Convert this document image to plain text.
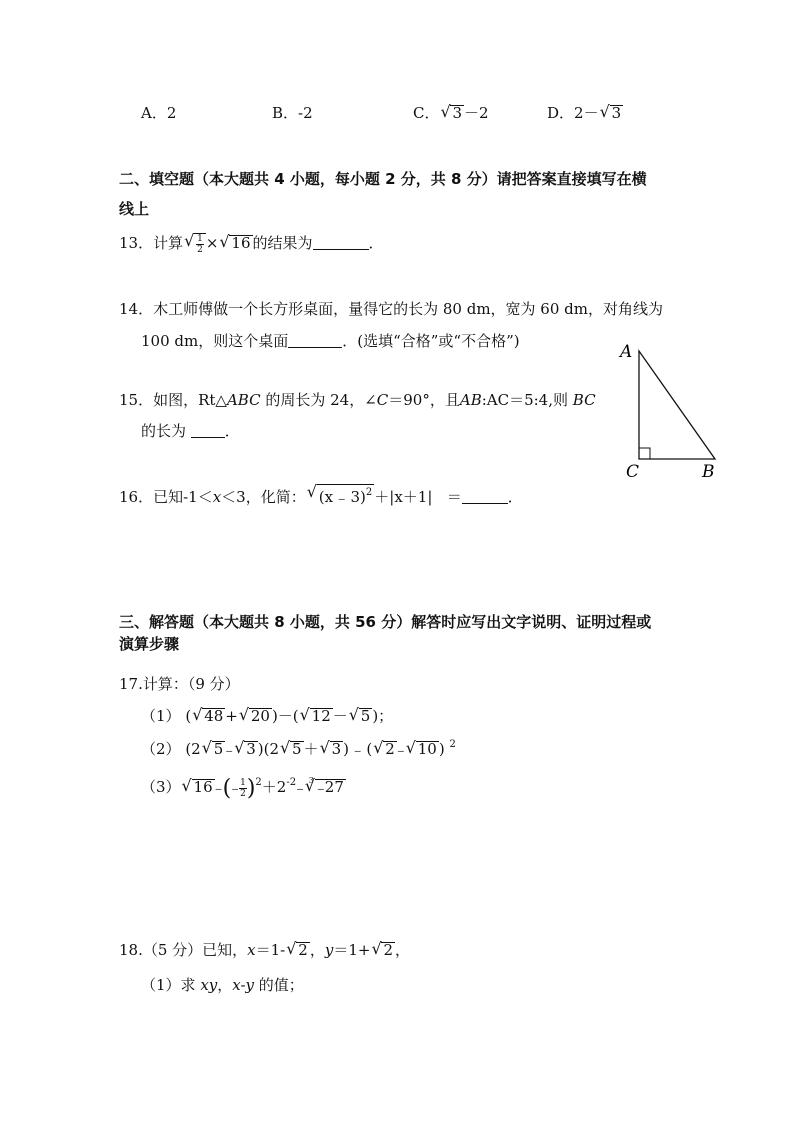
A．2	B．-2	C． √ 3 －2	D．2－ √ 3
二、填空题（本大题共 4 小题，每小题 2 分，共 8 分）请把答案直接填写在横
线上
13．计算 √ $\frac{1}{2}$ × √ 16 的结果为	．
14．木工师傅做一个长方形桌面，量得它的长为 80 dm，宽为 60 dm，对角线为
100 dm，则这个桌面	．(选填“合格”或“不合格”)
15．如图，Rt△ABC 的周长为 24，∠C＝90°，且AB:AC＝5:4,则 BC
的长为	．
A
C	B
16．已知-1＜x＜3，化简： √ (x ₋ 3)$^2$ ＋|x＋1| ＝	．
三、解答题（本大题共 8 小题，共 56 分）解答时应写出文字说明、证明过程或
演算步骤
17.计算：（9 分）
（1） ( √ 48 + √ 20 )－( √ 12 － √ 5 )；
（2） (2 √ 5 ₋ √ 3 )(2 √ 5 ＋ √ 3 ) ₋ ( √ 2 ₋ √ 10 ) $^2$
（3） √ 16 ₋(₋ $\frac{1}{2} )^2+2^{-2}_-$ $^3$ √ ₋27
18.（5 分）已知，x＝1- √ 2 ，y＝1+ √ 2 ，
（1）求 xy，x-y 的值；
